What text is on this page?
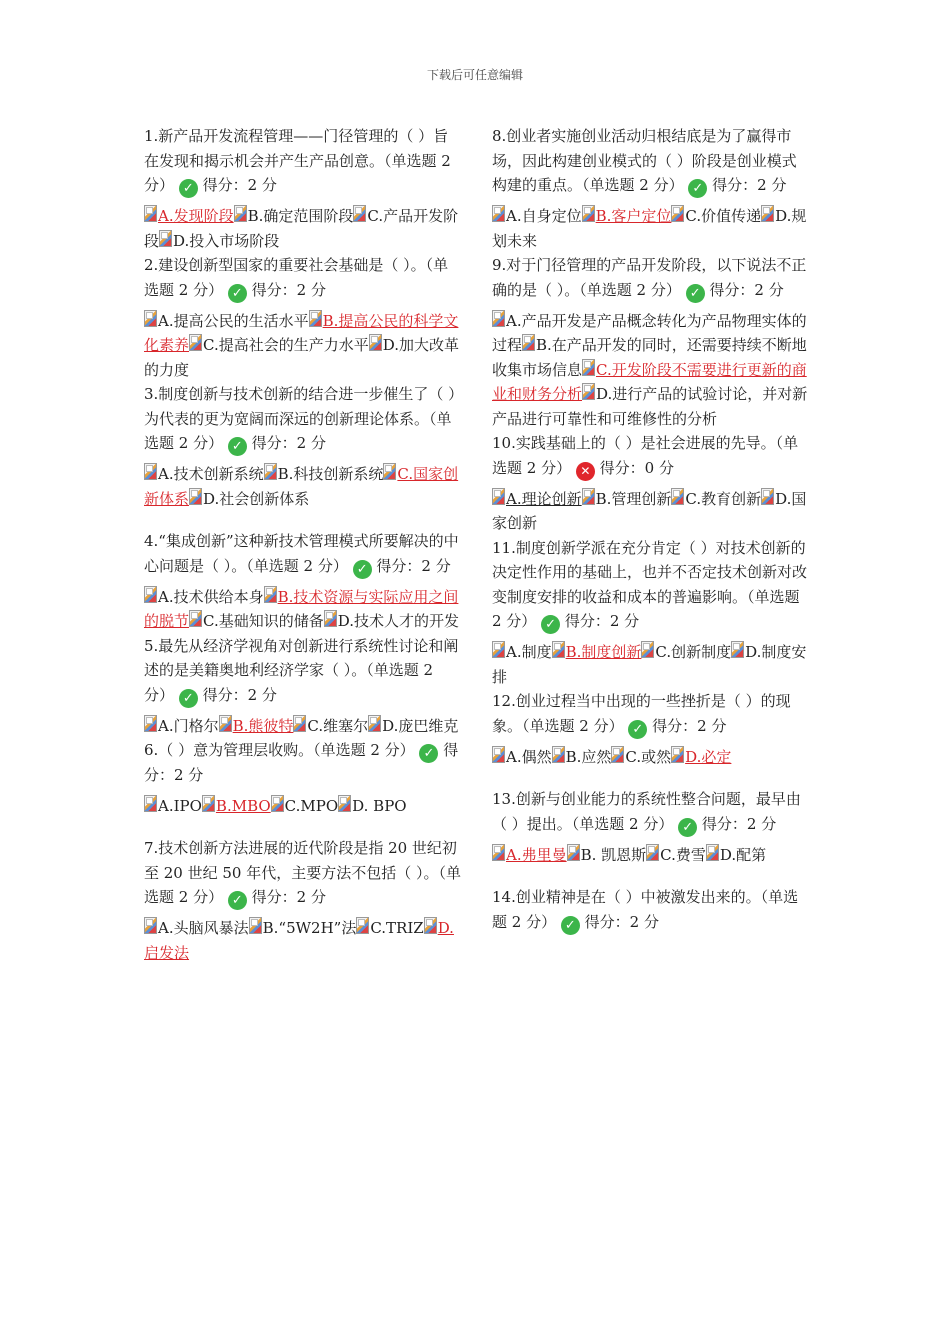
下载后可任意编辑
1.新产品开发流程管理——门径管理的（ ）旨在发现和揭示机会并产生产品创意。（单选题 2 分） ✓ 得分：2 分
A.发现阶段 B.确定范围阶段 C.产品开发阶段 D.投入市场阶段
2.建设创新型国家的重要社会基础是（ ）。（单选题 2 分） ✓ 得分：2 分
A.提高公民的生活水平 B.提高公民的科学文化素养 C.提高社会的生产力水平 D.加大改革的力度
3.制度创新与技术创新的结合进一步催生了（ ）为代表的更为宽阔而深远的创新理论体系。（单选题 2 分） ✓ 得分：2 分
A.技术创新系统 B.科技创新系统 C.国家创新体系 D.社会创新体系
4.“集成创新”这种新技术管理模式所要解决的中心问题是（ ）。（单选题 2 分） ✓ 得分：2 分
A.技术供给本身 B.技术资源与实际应用之间的脱节 C.基础知识的储备 D.技术人才的开发
5.最先从经济学视角对创新进行系统性讨论和阐述的是美籍奥地利经济学家（ ）。（单选题 2 分） ✓ 得分：2 分
A.门格尔 B.熊彼特 C.维塞尔 D.庞巴维克
6.（ ）意为管理层收购。（单选题 2 分） ✓ 得分：2 分
A.IPO B.MBO C.MPO D. BPO
7.技术创新方法进展的近代阶段是指 20 世纪初至 20 世纪 50 年代，主要方法不包括（ ）。（单选题 2 分） ✓ 得分：2 分
A.头脑风暴法 B.“5W2H”法 C.TRIZ D.启发法
8.创业者实施创业活动归根结底是为了赢得市场，因此构建创业模式的（ ）阶段是创业模式构建的重点。（单选题 2 分） ✓ 得分：2 分
A.自身定位 B.客户定位 C.价值传递 D.规划未来
9.对于门径管理的产品开发阶段，以下说法不正确的是（ ）。（单选题 2 分） ✓ 得分：2 分
A.产品开发是产品概念转化为产品物理实体的过程 B.在产品开发的同时，还需要持续不断地收集市场信息 C.开发阶段不需要进行更新的商业和财务分析 D.进行产品的试验讨论，并对新产品进行可靠性和可维修性的分析
10.实践基础上的（ ）是社会进展的先导。（单选题 2 分） ✕ 得分：0 分
A.理论创新 B.管理创新 C.教育创新 D.国家创新
11.制度创新学派在充分肯定（ ）对技术创新的决定性作用的基础上，也并不否定技术创新对改变制度安排的收益和成本的普遍影响。（单选题 2 分） ✓ 得分：2 分
A.制度 B.制度创新 C.创新制度 D.制度安排
12.创业过程当中出现的一些挫折是（ ）的现象。（单选题 2 分） ✓ 得分：2 分
A.偶然 B.应然 C.或然 D.必定
13.创新与创业能力的系统性整合问题，最早由（ ）提出。（单选题 2 分） ✓ 得分：2 分
A.弗里曼 B. 凯恩斯 C.费雪 D.配第
14.创业精神是在（ ）中被激发出来的。（单选题 2 分） ✓ 得分：2 分
